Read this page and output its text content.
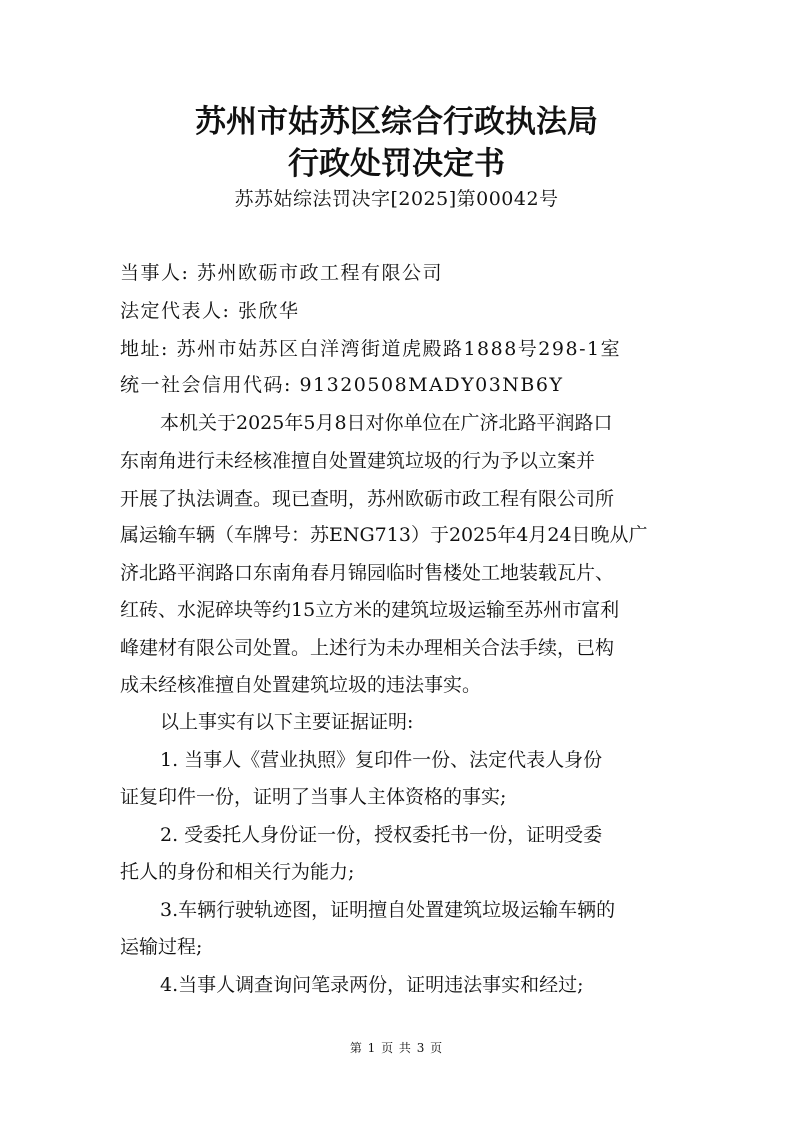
苏州市姑苏区综合行政执法局
行政处罚决定书
苏苏姑综法罚决字[2025]第00042号
当事人: 苏州欧砺市政工程有限公司
法定代表人: 张欣华
地址: 苏州市姑苏区白洋湾街道虎殿路1888号298-1室
统一社会信用代码: 91320508MADY03NB6Y
本机关于2025年5月8日对你单位在广济北路平润路口
东南角进行未经核准擅自处置建筑垃圾的行为予以立案并
开展了执法调查。现已查明，苏州欧砺市政工程有限公司所
属运输车辆（车牌号：苏ENG713）于2025年4月24日晚从广
济北路平润路口东南角春月锦园临时售楼处工地装载瓦片、
红砖、水泥碎块等约15立方米的建筑垃圾运输至苏州市富利
峰建材有限公司处置。上述行为未办理相关合法手续，已构
成未经核准擅自处置建筑垃圾的违法事实。
以上事实有以下主要证据证明:
1. 当事人《营业执照》复印件一份、法定代表人身份
证复印件一份，证明了当事人主体资格的事实;
2. 受委托人身份证一份，授权委托书一份，证明受委
托人的身份和相关行为能力;
3.车辆行驶轨迹图，证明擅自处置建筑垃圾运输车辆的
运输过程;
4.当事人调查询问笔录两份，证明违法事实和经过;
第 1 页 共 3 页
